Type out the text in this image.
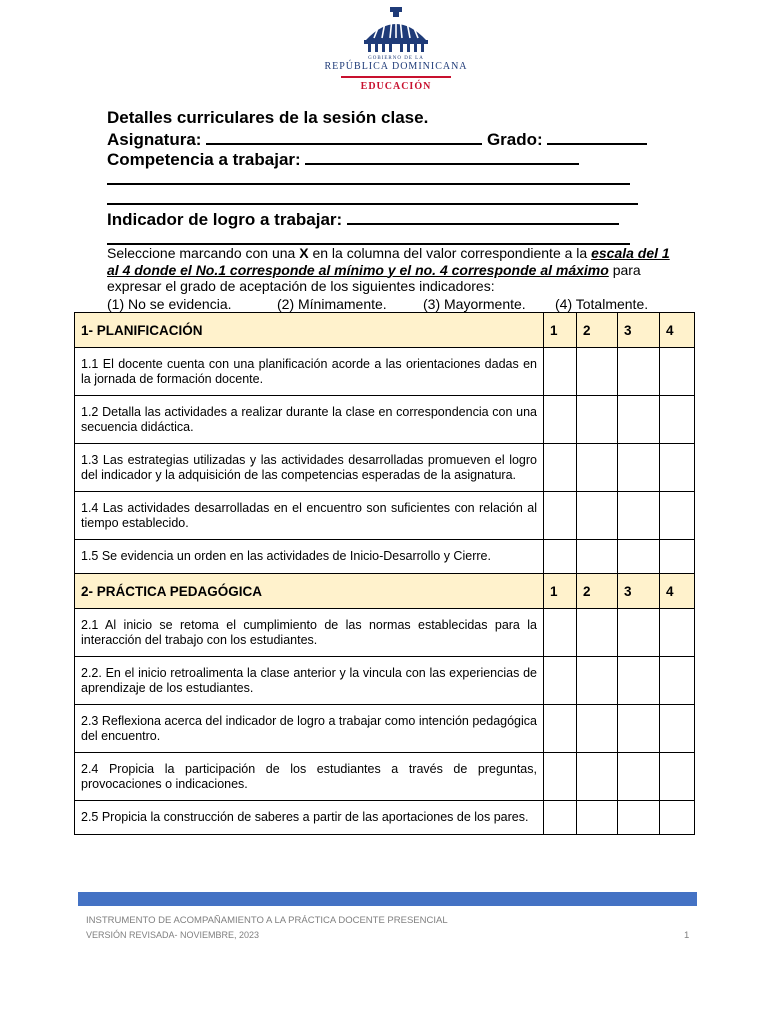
GOBIERNO DE LA
REPÚBLICA DOMINICANA
EDUCACIÓN
Detalles curriculares de la sesión clase.
Asignatura:	Grado:
Competencia a trabajar:
Indicador de logro a trabajar:
Seleccione marcando con una X en la columna del valor correspondiente a la escala del 1 al 4 donde el No.1 corresponde al mínimo y el no. 4 corresponde al máximo para expresar el grado de aceptación de los siguientes indicadores:
(1) No se evidencia.	(2) Mínimamente.	(3) Mayormente. (4) Totalmente.
1- PLANIFICACIÓN	1	2	3	4
1.1 El docente cuenta con una planificación acorde a las orientaciones dadas en la jornada de formación docente.				
1.2 Detalla las actividades a realizar durante la clase en correspondencia con una secuencia didáctica.				
1.3 Las estrategias utilizadas y las actividades desarrolladas promueven el logro del indicador y la adquisición de las competencias esperadas de la asignatura.				
1.4 Las actividades desarrolladas en el encuentro son suficientes con relación al tiempo establecido.				
1.5 Se evidencia un orden en las actividades de Inicio-Desarrollo y Cierre.				
2- PRÁCTICA PEDAGÓGICA	1	2	3	4
2.1 Al inicio se retoma el cumplimiento de las normas establecidas para la interacción del trabajo con los estudiantes.				
2.2. En el inicio retroalimenta la clase anterior y la vincula con las experiencias de aprendizaje de los estudiantes.				
2.3 Reflexiona acerca del indicador de logro a trabajar como intención pedagógica del encuentro.				
2.4 Propicia la participación de los estudiantes a través de preguntas, provocaciones o indicaciones.				
2.5 Propicia la construcción de saberes a partir de las aportaciones de los pares.				
INSTRUMENTO DE ACOMPAÑAMIENTO A LA PRÁCTICA DOCENTE PRESENCIAL
VERSIÓN REVISADA- NOVIEMBRE, 2023	1
